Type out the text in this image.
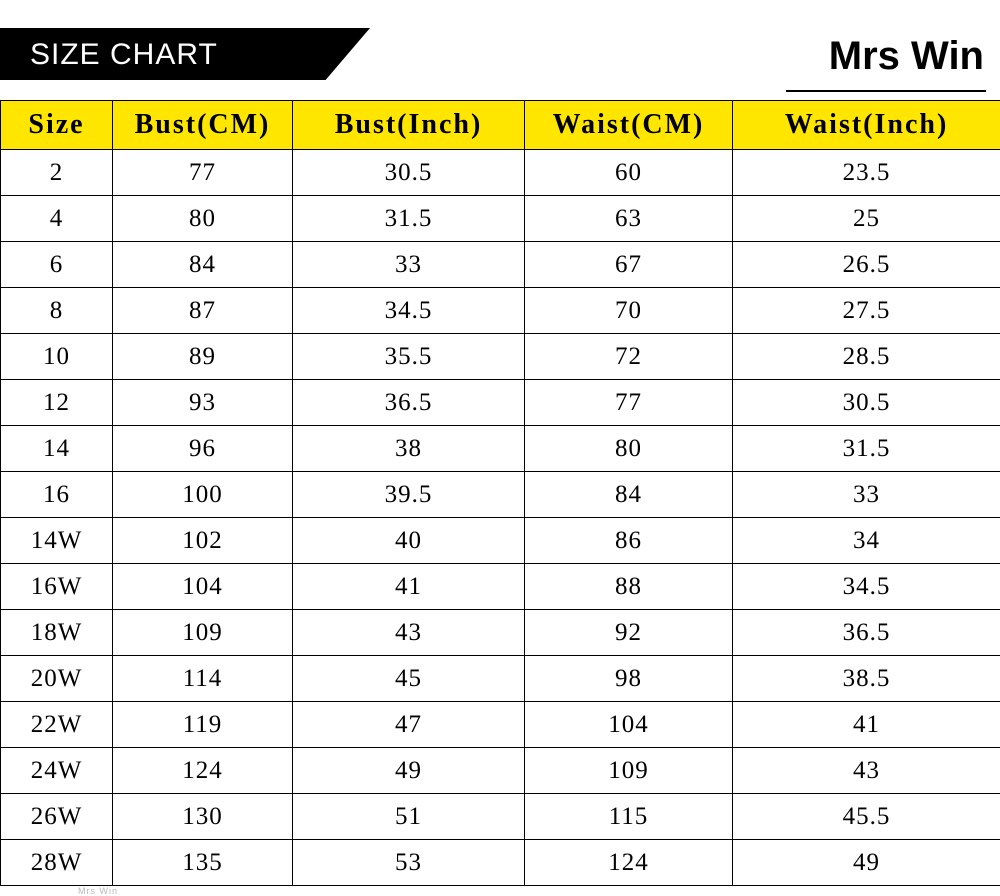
SIZE CHART	Mrs Win
Size	Bust(CM)	Bust(Inch)	Waist(CM)	Waist(Inch)
2	77	30.5	60	23.5
4	80	31.5	63	25
6	84	33	67	26.5
8	87	34.5	70	27.5
10	89	35.5	72	28.5
12	93	36.5	77	30.5
14	96	38	80	31.5
16	100	39.5	84	33
14W	102	40	86	34
16W	104	41	88	34.5
18W	109	43	92	36.5
20W	114	45	98	38.5
22W	119	47	104	41
24W	124	49	109	43
26W	130	51	115	45.5
28W	135	53	124	49
Mrs Win
